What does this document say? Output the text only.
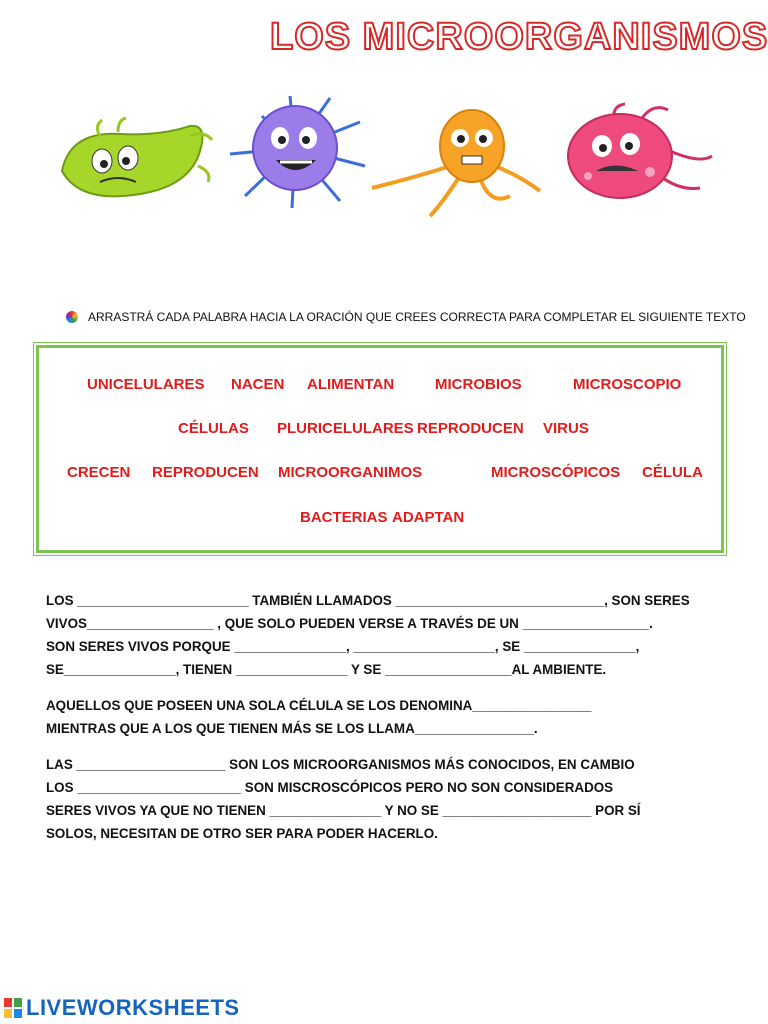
LOS MICROORGANISMOS
ARRASTRÁ CADA PALABRA HACIA LA ORACIÓN QUE CREES CORRECTA PARA COMPLETAR EL SIGUIENTE TEXTO
UNICELULARES NACEN ALIMENTAN	MICROBIOS	MICROSCOPIO
CÉLULAS PLURICELULARES REPRODUCEN VIRUS
CRECEN REPRODUCEN MICROORGANIMOS	MICROSCÓPICOS CÉLULA
BACTERIAS ADAPTAN
LOS _______________________ TAMBIÉN LLAMADOS ____________________________, SON SERES
VIVOS_________________ , QUE SOLO PUEDEN VERSE A TRAVÉS DE UN _________________.
SON SERES VIVOS PORQUE _______________, ___________________, SE _______________,
SE_______________, TIENEN _______________ Y SE _________________AL AMBIENTE.
AQUELLOS QUE POSEEN UNA SOLA CÉLULA SE LOS DENOMINA________________
MIENTRAS QUE A LOS QUE TIENEN MÁS SE LOS LLAMA________________.
LAS ____________________ SON LOS MICROORGANISMOS MÁS CONOCIDOS, EN CAMBIO
LOS ______________________ SON MISCROSCÓPICOS PERO NO SON CONSIDERADOS
SERES VIVOS YA QUE NO TIENEN _______________ Y NO SE ____________________ POR SÍ
SOLOS, NECESITAN DE OTRO SER PARA PODER HACERLO.
LIVEWORKSHEETS
